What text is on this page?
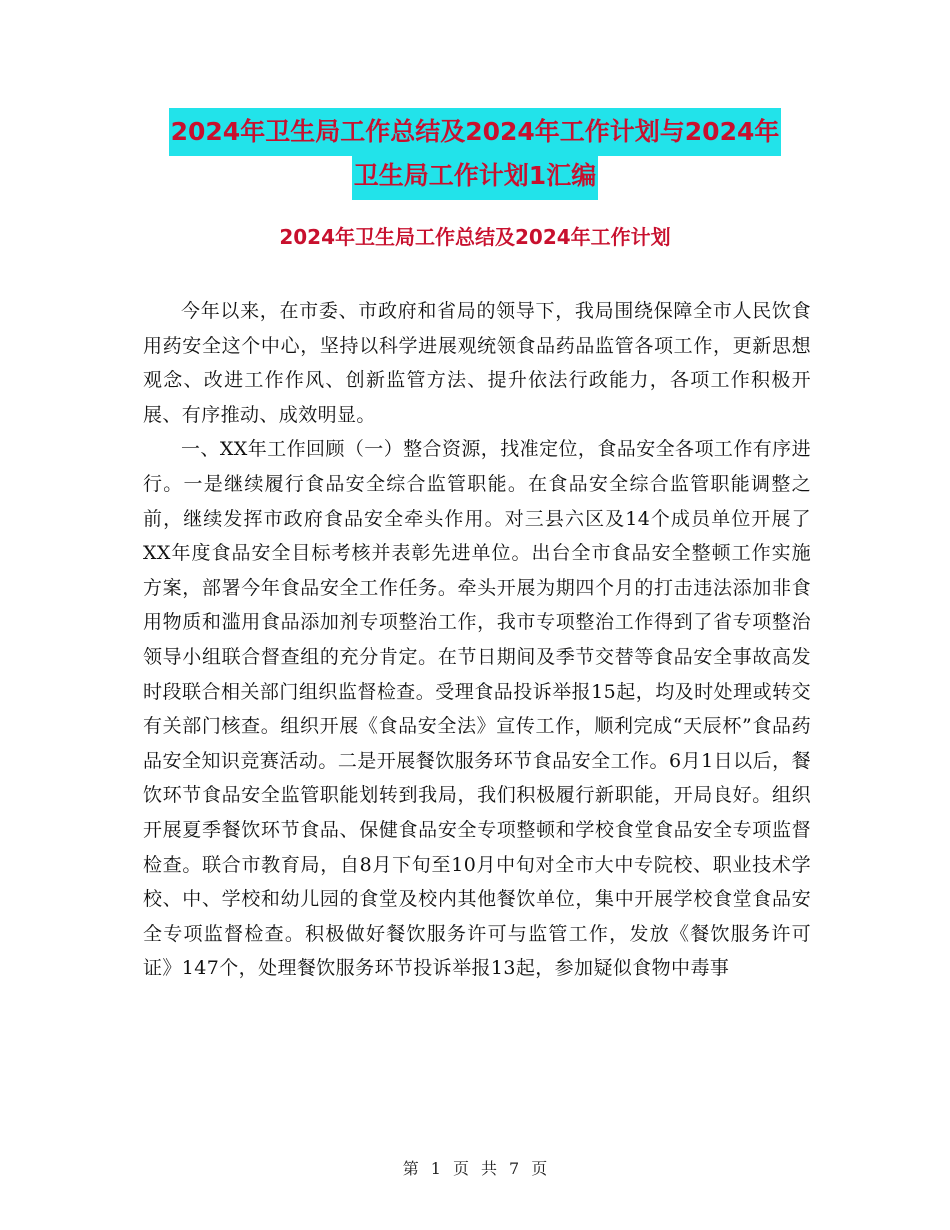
2024年卫生局工作总结及2024年工作计划与2024年
卫生局工作计划1汇编
2024年卫生局工作总结及2024年工作计划

今年以来，在市委、市政府和省局的领导下，我局围绕保障全市人民饮食用药安全这个中心，坚持以科学进展观统领食品药品监管各项工作，更新思想观念、改进工作作风、创新监管方法、提升依法行政能力，各项工作积极开展、有序推动、成效明显。

一、XX年工作回顾（一）整合资源，找准定位，食品安全各项工作有序进行。一是继续履行食品安全综合监管职能。在食品安全综合监管职能调整之前，继续发挥市政府食品安全牵头作用。对三县六区及14个成员单位开展了XX年度食品安全目标考核并表彰先进单位。出台全市食品安全整顿工作实施方案，部署今年食品安全工作任务。牵头开展为期四个月的打击违法添加非食用物质和滥用食品添加剂专项整治工作，我市专项整治工作得到了省专项整治领导小组联合督查组的充分肯定。在节日期间及季节交替等食品安全事故高发时段联合相关部门组织监督检查。受理食品投诉举报15起，均及时处理或转交有关部门核查。组织开展《食品安全法》宣传工作，顺利完成“天辰杯”食品药品安全知识竞赛活动。二是开展餐饮服务环节食品安全工作。6月1日以后，餐饮环节食品安全监管职能划转到我局，我们积极履行新职能，开局良好。组织开展夏季餐饮环节食品、保健食品安全专项整顿和学校食堂食品安全专项监督检查。联合市教育局，自8月下旬至10月中旬对全市大中专院校、职业技术学校、中、学校和幼儿园的食堂及校内其他餐饮单位，集中开展学校食堂食品安全专项监督检查。积极做好餐饮服务许可与监管工作，发放《餐饮服务许可证》147个，处理餐饮服务环节投诉举报13起，参加疑似食物中毒事

第 1 页 共 7 页
